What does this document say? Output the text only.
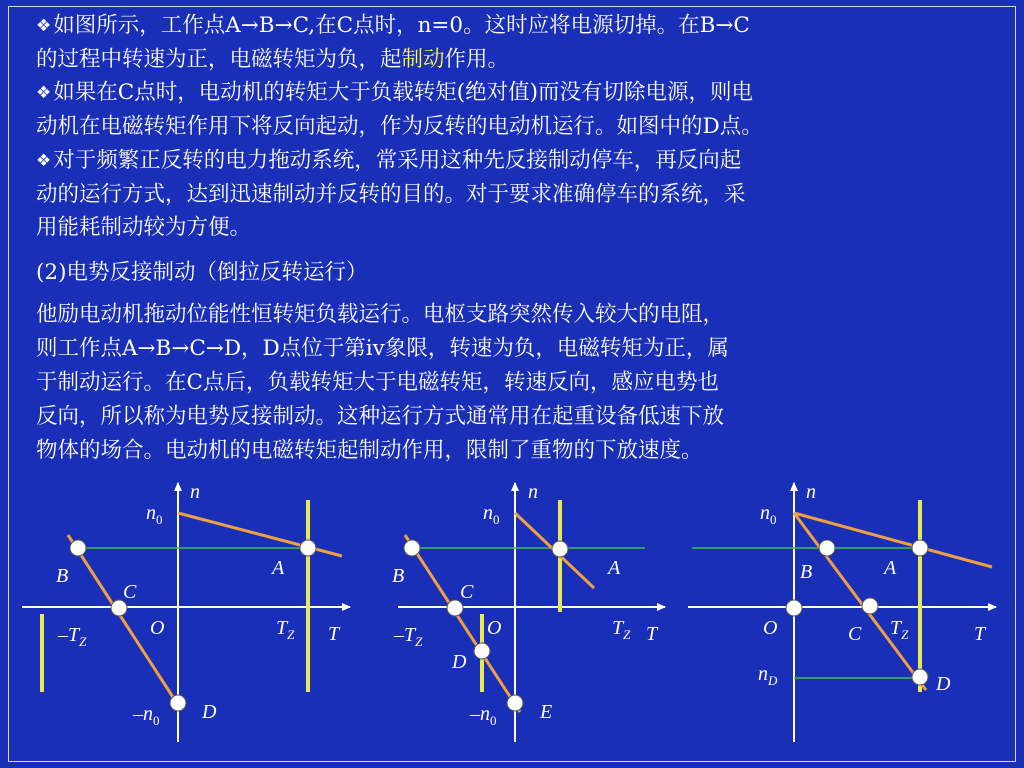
❖如图所示，工作点A→B→C,在C点时，n=0。这时应将电源切掉。在B→C
的过程中转速为正，电磁转矩为负，起制动作用。
❖如果在C点时，电动机的转矩大于负载转矩(绝对值)而没有切除电源，则电
动机在电磁转矩作用下将反向起动，作为反转的电动机运行。如图中的D点。
❖对于频繁正反转的电力拖动系统，常采用这种先反接制动停车，再反向起
动的运行方式，达到迅速制动并反转的目的。对于要求准确停车的系统，采
用能耗制动较为方便。
(2)电势反接制动（倒拉反转运行）
他励电动机拖动位能性恒转矩负载运行。电枢支路突然传入较大的电阻，
则工作点A→B→C→D，D点位于第iv象限，转速为负，电磁转矩为正，属
于制动运行。在C点后，负载转矩大于电磁转矩，转速反向，感应电势也
反向，所以称为电势反接制动。这种运行方式通常用在起重设备低速下放
物体的场合。电动机的电磁转矩起制动作用，限制了重物的下放速度。
n
$n_0$
A
B
C
O	$T_Z$ T
$-T_Z$
$-n_0$ D
n
$n_0$
A
B
C
O	$T_Z$ T
$-T_Z$
D
$-n_0$ E
n
$n_0$
A
B
O	C $T_Z$	T
$n_D$	D
